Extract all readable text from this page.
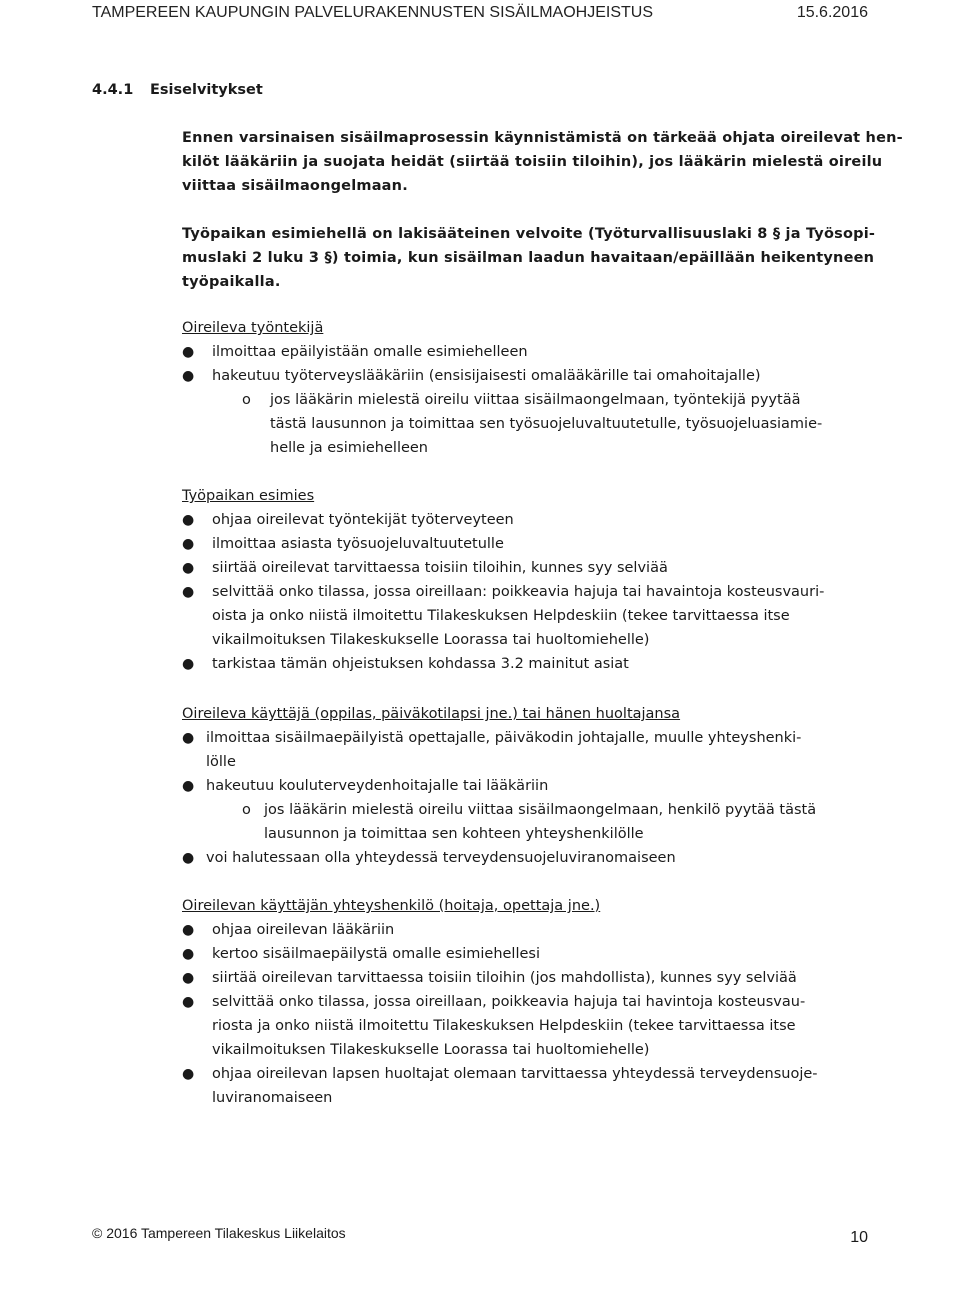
TAMPEREEN KAUPUNGIN PALVELURAKENNUSTEN SISÄILMAOHJEISTUS	15.6.2016
4.4.1 Esiselvitykset
Ennen varsinaisen sisäilmaprosessin käynnistämistä on tärkeää ohjata oireilevat hen-
kilöt lääkäriin ja suojata heidät (siirtää toisiin tiloihin), jos lääkärin mielestä oireilu
viittaa sisäilmaongelmaan.
Työpaikan esimiehellä on lakisääteinen velvoite (Työturvallisuuslaki 8 § ja Työsopi-
muslaki 2 luku 3 §) toimia, kun sisäilman laadun havaitaan/epäillään heikentyneen
työpaikalla.
Oireileva työntekijä
● ilmoittaa epäilyistään omalle esimiehelleen
● hakeutuu työterveyslääkäriin (ensisijaisesti omalääkärille tai omahoitajalle)
o jos lääkärin mielestä oireilu viittaa sisäilmaongelmaan, työntekijä pyytää
tästä lausunnon ja toimittaa sen työsuojeluvaltuutetulle, työsuojeluasiamie-
helle ja esimiehelleen
Työpaikan esimies
● ohjaa oireilevat työntekijät työterveyteen
● ilmoittaa asiasta työsuojeluvaltuutetulle
● siirtää oireilevat tarvittaessa toisiin tiloihin, kunnes syy selviää
● selvittää onko tilassa, jossa oireillaan: poikkeavia hajuja tai havaintoja kosteusvauri-
oista ja onko niistä ilmoitettu Tilakeskuksen Helpdeskiin (tekee tarvittaessa itse
vikailmoituksen Tilakeskukselle Loorassa tai huoltomiehelle)
● tarkistaa tämän ohjeistuksen kohdassa 3.2 mainitut asiat
Oireileva käyttäjä (oppilas, päiväkotilapsi jne.) tai hänen huoltajansa
● ilmoittaa sisäilmaepäilyistä opettajalle, päiväkodin johtajalle, muulle yhteyshenki-
lölle
● hakeutuu kouluterveydenhoitajalle tai lääkäriin
o jos lääkärin mielestä oireilu viittaa sisäilmaongelmaan, henkilö pyytää tästä
lausunnon ja toimittaa sen kohteen yhteyshenkilölle
● voi halutessaan olla yhteydessä terveydensuojeluviranomaiseen
Oireilevan käyttäjän yhteyshenkilö (hoitaja, opettaja jne.)
● ohjaa oireilevan lääkäriin
● kertoo sisäilmaepäilystä omalle esimiehellesi
● siirtää oireilevan tarvittaessa toisiin tiloihin (jos mahdollista), kunnes syy selviää
● selvittää onko tilassa, jossa oireillaan, poikkeavia hajuja tai havintoja kosteusvau-
riosta ja onko niistä ilmoitettu Tilakeskuksen Helpdeskiin (tekee tarvittaessa itse
vikailmoituksen Tilakeskukselle Loorassa tai huoltomiehelle)
● ohjaa oireilevan lapsen huoltajat olemaan tarvittaessa yhteydessä terveydensuoje-
luviranomaiseen
© 2016 Tampereen Tilakeskus Liikelaitos	10
